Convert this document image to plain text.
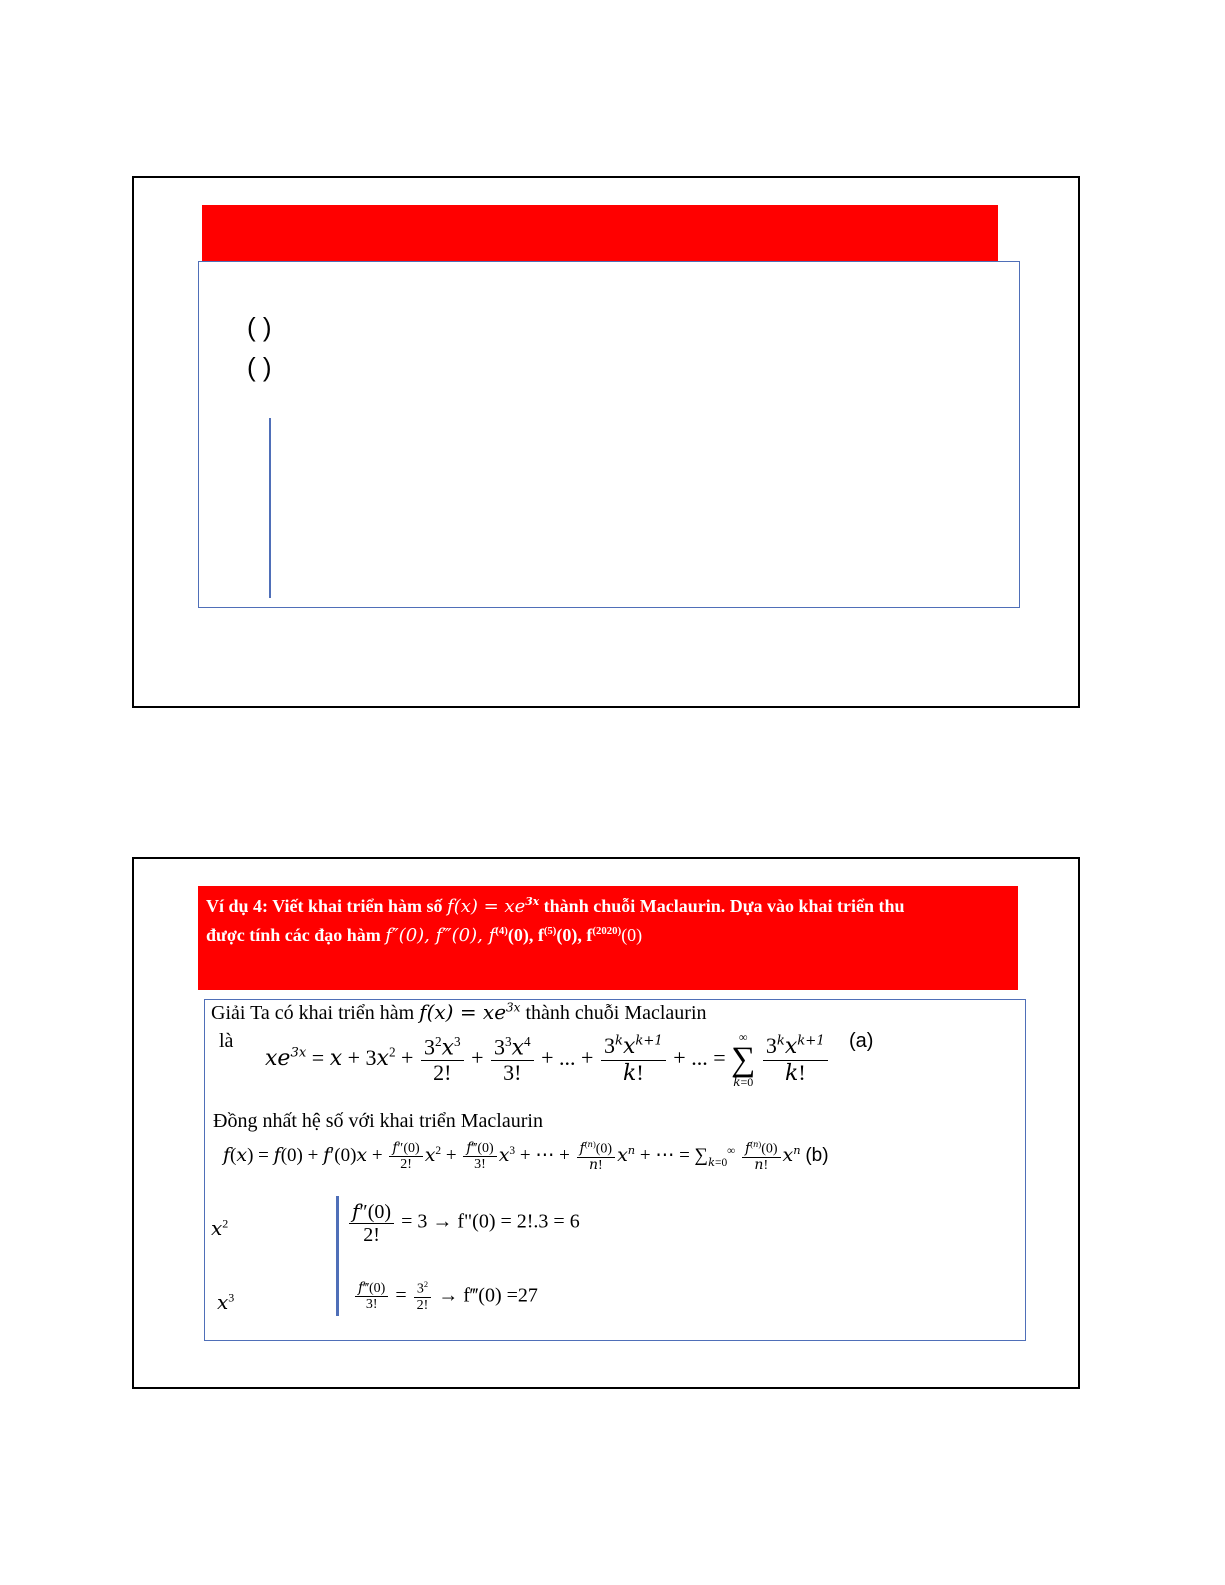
( )
( )
Ví dụ 4: Viết khai triển hàm số $f(x) = xe^{3x}$ thành chuỗi Maclaurin. Dựa vào khai triển thu
được tính các đạo hàm f″(0), f‴(0), $f^{(4)}(0)$, $f^{(5)}(0)$, $f^{(2020)}(0)$
Giải Ta có khai triển hàm $f(x) = xe^{3x}$ thành chuỗi Maclaurin
là
$xe^{3x} = x + 3x^2 + \frac{3^2x^3}{2!} + \frac{3^3x^4}{3!}$ + ... + $\frac{3^kx^{k+1}}{k!}$ + ... =
∞
∑
k=0
$\frac{3^kx^{k+1}}{k!} (a)$
Đồng nhất hệ số với khai triển Maclaurin
$f(x) = f(0) + f'(0)x + \frac{f''(0)}{2!} x^2 + \frac{f‴(0)}{3!} x^3$ + ⋯ + $\frac{f^{(n)}(0)}{n!} x^n$ + ⋯ = $\sum_{k=0}^\infty \frac{f^{(n)}(0)}{n!} x^n$ (b)
$x^2$	$\frac{f''(0)}{2!} = 3$ → f"(0) = 2!.3 = 6
$x^3$	$\frac{f‴(0)}{3!} = \frac{3^2}{2!}$ → f‴(0) =27
